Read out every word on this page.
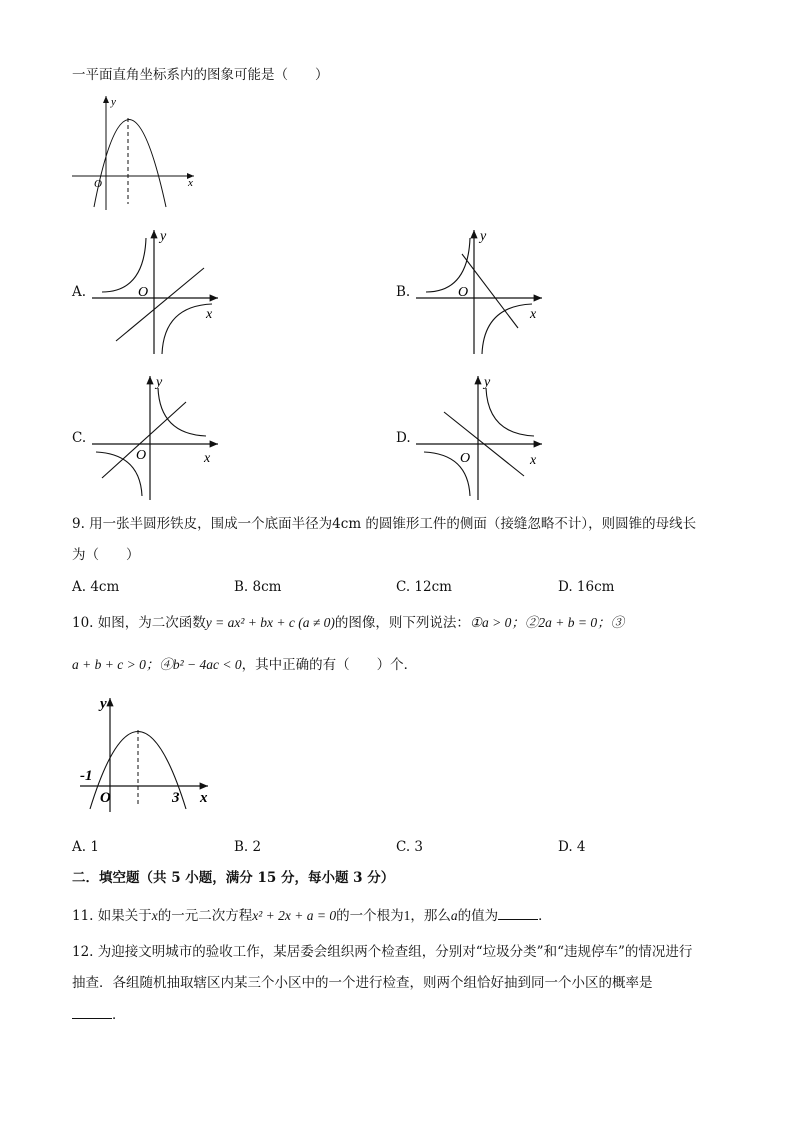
一平面直角坐标系内的图象可能是（　　）
y
x
O
A.
y
x
O	B.
y
x
O
C.
y
x
O
D.
y
x
O
9. 用一张半圆形铁皮，围成一个底面半径为4cm 的圆锥形工件的侧面（接缝忽略不计），则圆锥的母线长
为（　　）
A. 4cm	B. 8cm	C. 12cm	D. 16cm
10. 如图，为二次函数y = ax² + bx + c (a ≠ 0)的图像，则下列说法：①a > 0；②2a + b = 0；③
a + b + c > 0；④b² − 4ac < 0，其中正确的有（　　）个．
y
x
O
-1
3
A. 1	B. 2	C. 3	D. 4
二．填空题（共 5 小题，满分 15 分，每小题 3 分）
11. 如果关于x的一元二次方程x² + 2x + a = 0的一个根为1，那么a的值为	．
12. 为迎接文明城市的验收工作，某居委会组织两个检查组，分别对“垃圾分类”和“违规停车”的情况进行
抽查．各组随机抽取辖区内某三个小区中的一个进行检查，则两个组恰好抽到同一个小区的概率是
．
